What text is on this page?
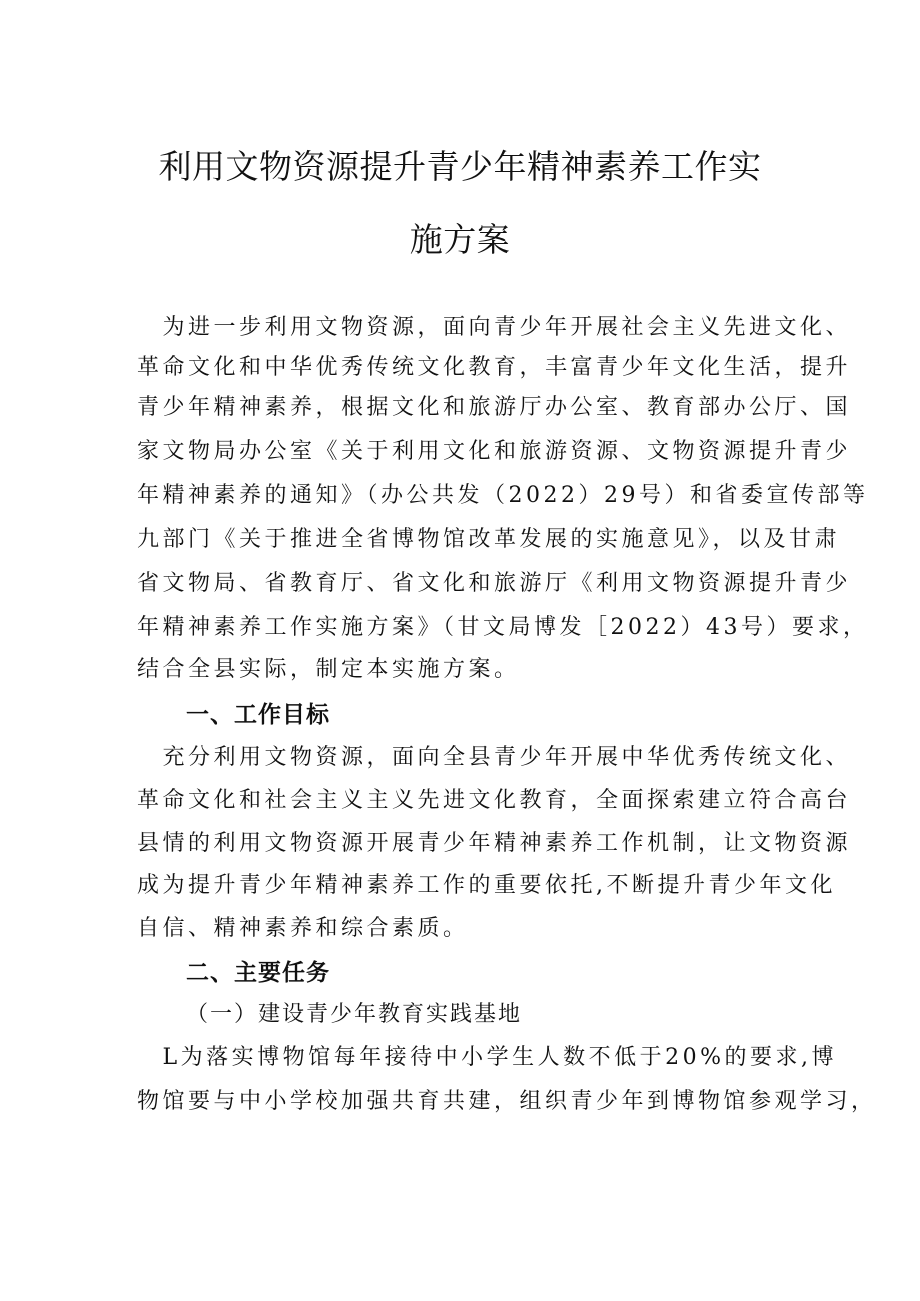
利用文物资源提升青少年精神素养工作实
施方案
　为进一步利用文物资源，面向青少年开展社会主义先进文化、
革命文化和中华优秀传统文化教育，丰富青少年文化生活，提升
青少年精神素养，根据文化和旅游厅办公室、教育部办公厅、国
家文物局办公室《关于利用文化和旅游资源、文物资源提升青少
年精神素养的通知》（办公共发（2022）29号）和省委宣传部等
九部门《关于推进全省博物馆改革发展的实施意见》，以及甘肃
省文物局、省教育厅、省文化和旅游厅《利用文物资源提升青少
年精神素养工作实施方案》（甘文局博发［2022）43号）要求，
结合全县实际，制定本实施方案。
一、工作目标
　充分利用文物资源，面向全县青少年开展中华优秀传统文化、
革命文化和社会主义主义先进文化教育，全面探索建立符合高台
县情的利用文物资源开展青少年精神素养工作机制，让文物资源
成为提升青少年精神素养工作的重要依托,不断提升青少年文化
自信、精神素养和综合素质。
二、主要任务
（一）建设青少年教育实践基地
　L为落实博物馆每年接待中小学生人数不低于20%的要求,博
物馆要与中小学校加强共育共建，组织青少年到博物馆参观学习，
